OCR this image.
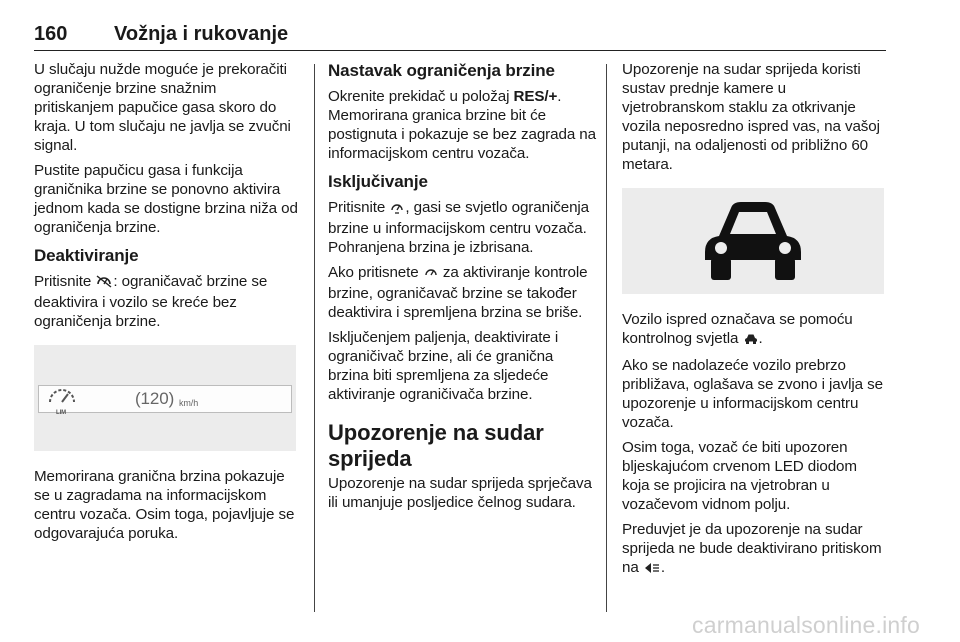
160 Vožnja i rukovanje

U slučaju nužde moguće je prekoračiti ograničenje brzine snažnim pritiskanjem papučice gasa skoro do kraja. U tom slučaju ne javlja se zvučni signal.

Pustite papučicu gasa i funkcija graničnika brzine se ponovno aktivira jednom kada se dostigne brzina niža od ograničenja brzine.

Deaktiviranje

Pritisnite : ograničavač brzine se deaktivira i vozilo se kreće bez ograničenja brzine.

LIM
(120) km/h

Memorirana granična brzina pokazuje se u zagradama na informacijskom centru vozača. Osim toga, pojavljuje se odgovarajuća poruka.

Nastavak ograničenja brzine

Okrenite prekidač u položaj RES/+. Memorirana granica brzine bit će postignuta i pokazuje se bez zagrada na informacijskom centru vozača.

Isključivanje

Pritisnite , gasi se svjetlo ograničenja brzine u informacijskom centru vozača. Pohranjena brzina je izbrisana.

Ako pritisnete  za aktiviranje kontrole brzine, ograničavač brzine se također deaktivira i spremljena brzina se briše.

Isključenjem paljenja, deaktivirate i ograničivač brzine, ali će granična brzina biti spremljena za sljedeće aktiviranje ograničivača brzine.

Upozorenje na sudar sprijeda

Upozorenje na sudar sprijeda sprječava ili umanjuje posljedice čelnog sudara.

Upozorenje na sudar sprijeda koristi sustav prednje kamere u vjetrobranskom staklu za otkrivanje vozila neposredno ispred vas, na vašoj putanji, na odaljenosti od približno 60 metara.

Vozilo ispred označava se pomoću kontrolnog svjetla .

Ako se nadolazeće vozilo prebrzo približava, oglašava se zvono i javlja se upozorenje u informacijskom centru vozača.

Osim toga, vozač će biti upozoren bljeskajućom crvenom LED diodom koja se projicira na vjetrobran u vozačevom vidnom polju.

Preduvjet je da upozorenje na sudar sprijeda ne bude deaktivirano pritiskom na .

carmanualsonline.info
